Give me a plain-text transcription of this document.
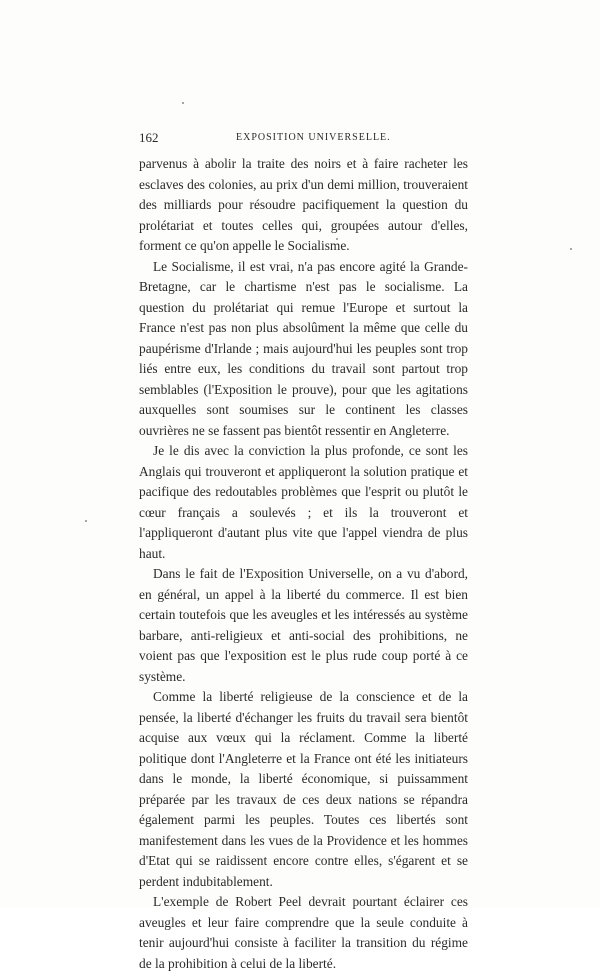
162	EXPOSITION UNIVERSELLE.

parvenus à abolir la traite des noirs et à faire racheter les esclaves des colonies, au prix d'un demi million, trouveraient des milliards pour résoudre pacifiquement la question du prolétariat et toutes celles qui, groupées autour d'elles, forment ce qu'on appelle le Socialisme.

Le Socialisme, il est vrai, n'a pas encore agité la Grande-Bretagne, car le chartisme n'est pas le socialisme. La question du prolétariat qui remue l'Europe et surtout la France n'est pas non plus absolûment la même que celle du paupérisme d'Irlande ; mais aujourd'hui les peuples sont trop liés entre eux, les conditions du travail sont partout trop semblables (l'Exposition le prouve), pour que les agitations auxquelles sont soumises sur le continent les classes ouvrières ne se fassent pas bientôt ressentir en Angleterre.

Je le dis avec la conviction la plus profonde, ce sont les Anglais qui trouveront et appliqueront la solution pratique et pacifique des redoutables problèmes que l'esprit ou plutôt le cœur français a soulevés ; et ils la trouveront et l'appliqueront d'autant plus vite que l'appel viendra de plus haut.

Dans le fait de l'Exposition Universelle, on a vu d'abord, en général, un appel à la liberté du commerce. Il est bien certain toutefois que les aveugles et les intéressés au système barbare, anti-religieux et anti-social des prohibitions, ne voient pas que l'exposition est le plus rude coup porté à ce système.

Comme la liberté religieuse de la conscience et de la pensée, la liberté d'échanger les fruits du travail sera bientôt acquise aux vœux qui la réclament. Comme la liberté politique dont l'Angleterre et la France ont été les initiateurs dans le monde, la liberté économique, si puissamment préparée par les travaux de ces deux nations se répandra également parmi les peuples. Toutes ces libertés sont manifestement dans les vues de la Providence et les hommes d'Etat qui se raidissent encore contre elles, s'égarent et se perdent indubitablement.

L'exemple de Robert Peel devrait pourtant éclairer ces aveugles et leur faire comprendre que la seule conduite à tenir aujourd'hui consiste à faciliter la transition du régime de la prohibition à celui de la liberté.
